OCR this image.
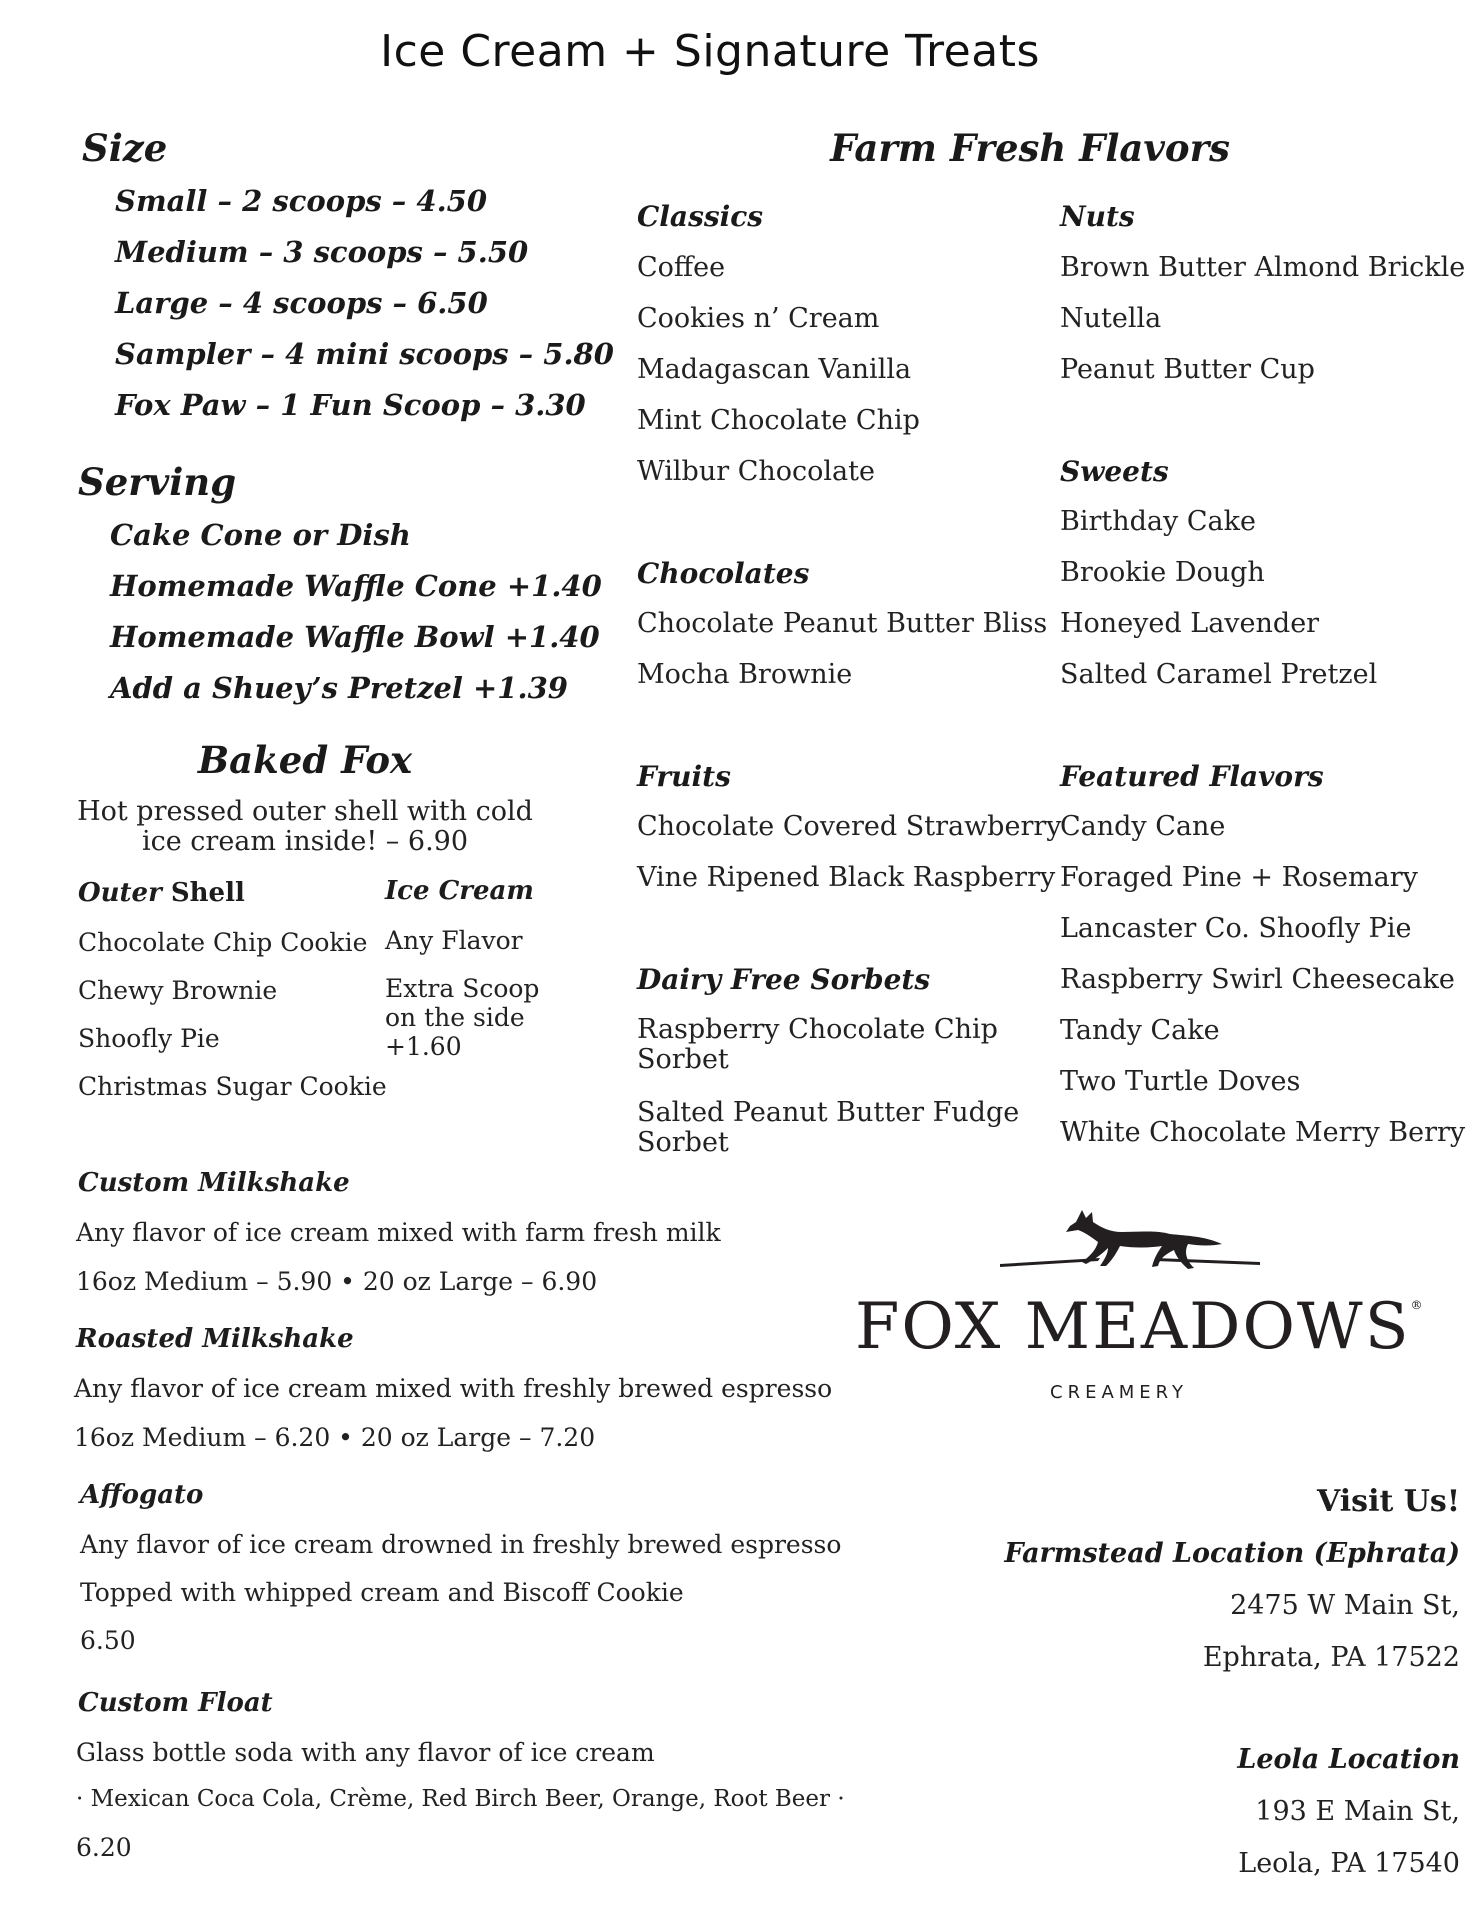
Ice Cream + Signature Treats
Size
Small – 2 scoops – 4.50
Medium – 3 scoops – 5.50
Large – 4 scoops – 6.50
Sampler – 4 mini scoops – 5.80
Fox Paw – 1 Fun Scoop – 3.30
Serving
Cake Cone or Dish
Homemade Waffle Cone +1.40
Homemade Waffle Bowl +1.40
Add a Shuey’s Pretzel +1.39
Baked Fox
Hot pressed outer shell with cold
ice cream inside! – 6.90
Outer Shell
Chocolate Chip Cookie
Chewy Brownie
Shoofly Pie
Christmas Sugar Cookie
Ice Cream
Any Flavor
Extra Scoop
on the side
+1.60
Farm Fresh Flavors
Classics
Coffee
Cookies n’ Cream
Madagascan Vanilla
Mint Chocolate Chip
Wilbur Chocolate
Chocolates
Chocolate Peanut Butter Bliss
Mocha Brownie
Fruits
Chocolate Covered Strawberry
Vine Ripened Black Raspberry
Dairy Free Sorbets
Raspberry Chocolate Chip
Sorbet
Salted Peanut Butter Fudge
Sorbet
Nuts
Brown Butter Almond Brickle
Nutella
Peanut Butter Cup
Sweets
Birthday Cake
Brookie Dough
Honeyed Lavender
Salted Caramel Pretzel
Featured Flavors
Candy Cane
Foraged Pine + Rosemary
Lancaster Co. Shoofly Pie
Raspberry Swirl Cheesecake
Tandy Cake
Two Turtle Doves
White Chocolate Merry Berry
Custom Milkshake
Any flavor of ice cream mixed with farm fresh milk
16oz Medium – 5.90 • 20 oz Large – 6.90
Roasted Milkshake
Any flavor of ice cream mixed with freshly brewed espresso
16oz Medium – 6.20 • 20 oz Large – 7.20
Affogato
Any flavor of ice cream drowned in freshly brewed espresso
Topped with whipped cream and Biscoff Cookie
6.50
Custom Float
Glass bottle soda with any flavor of ice cream
· Mexican Coca Cola, Crème, Red Birch Beer, Orange, Root Beer ·
6.20
FOX MEADOWS®
CREAMERY
Visit Us!
Farmstead Location (Ephrata)
2475 W Main St,
Ephrata, PA 17522
Leola Location
193 E Main St,
Leola, PA 17540
